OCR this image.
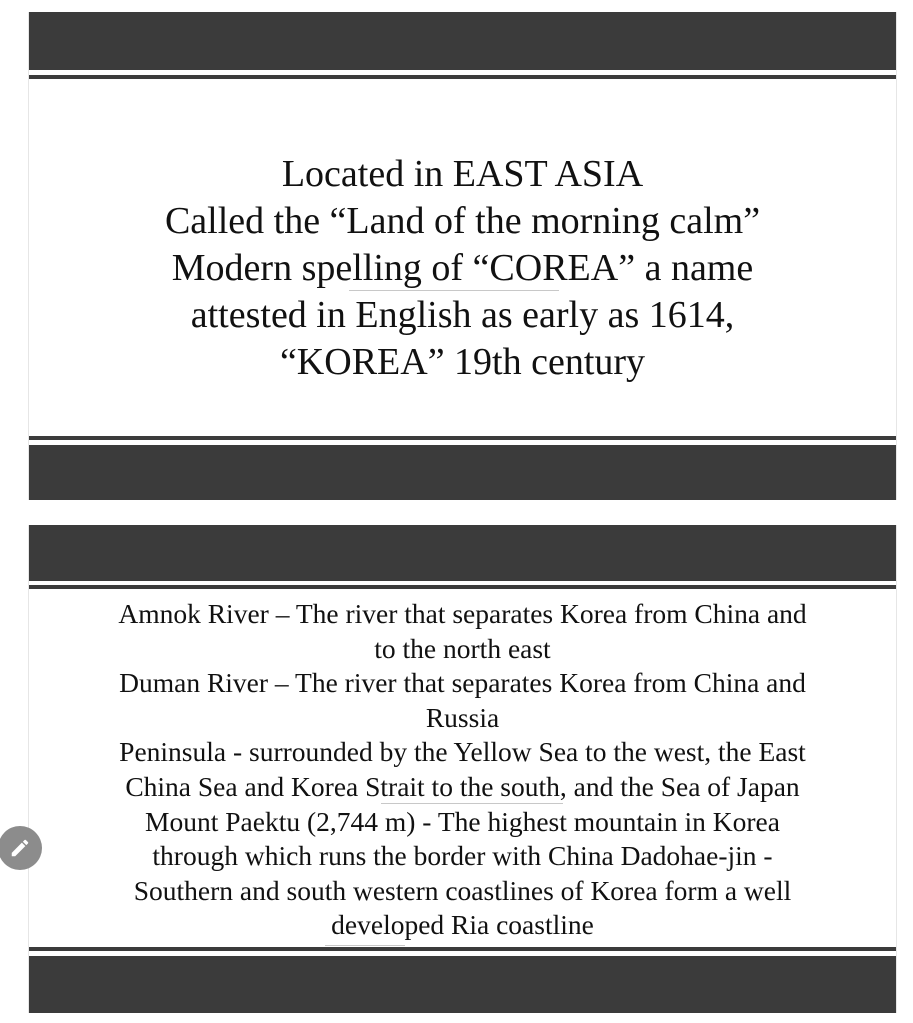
Located in EAST ASIA
Called the “Land of the morning calm”
Modern spelling of “COREA” a name
attested in English as early as 1614,
“KOREA” 19th century
Amnok River – The river that separates Korea from China and
to the north east
Duman River – The river that separates Korea from China and
Russia
Peninsula - surrounded by the Yellow Sea to the west, the East
China Sea and Korea Strait to the south, and the Sea of Japan
Mount Paektu (2,744 m) - The highest mountain in Korea
through which runs the border with China Dadohae-jin -
Southern and south western coastlines of Korea form a well
developed Ria coastline
